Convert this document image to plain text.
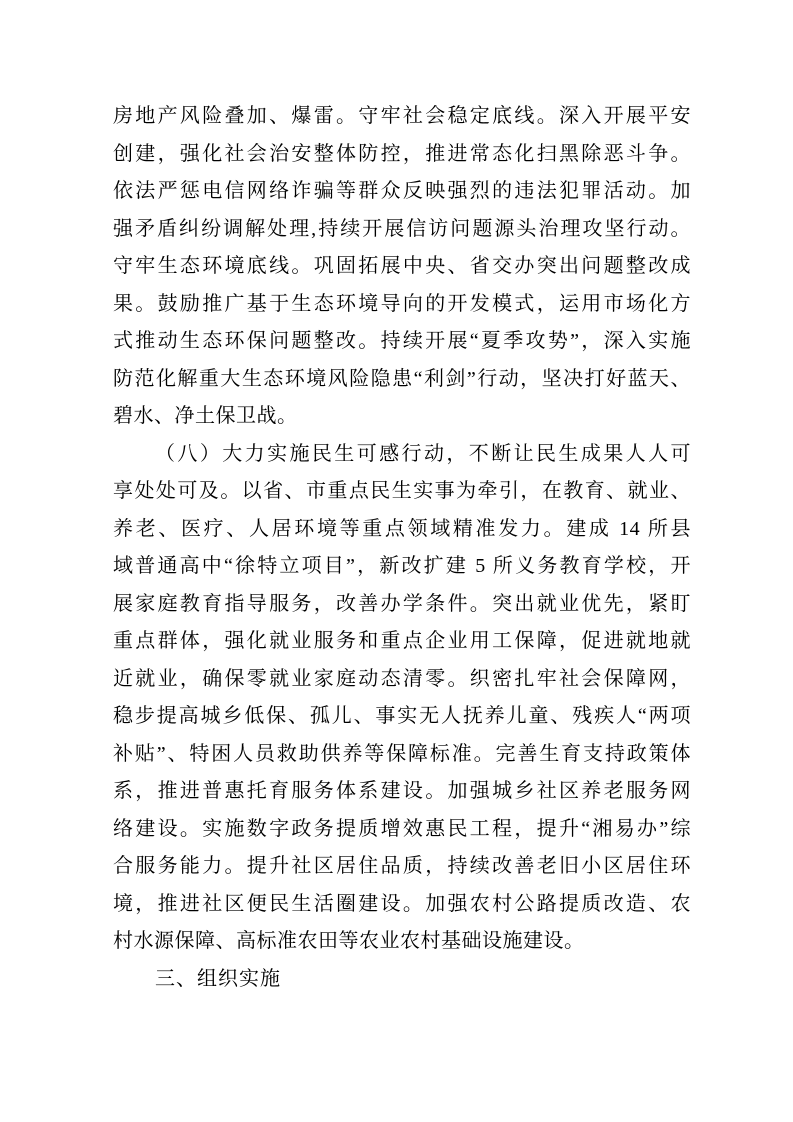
房地产风险叠加、爆雷。守牢社会稳定底线。深入开展平安
创建，强化社会治安整体防控，推进常态化扫黑除恶斗争。
依法严惩电信网络诈骗等群众反映强烈的违法犯罪活动。加
强矛盾纠纷调解处理,持续开展信访问题源头治理攻坚行动。
守牢生态环境底线。巩固拓展中央、省交办突出问题整改成
果。鼓励推广基于生态环境导向的开发模式，运用市场化方
式推动生态环保问题整改。持续开展“夏季攻势”，深入实施
防范化解重大生态环境风险隐患“利剑”行动，坚决打好蓝天、
碧水、净土保卫战。
（八）大力实施民生可感行动，不断让民生成果人人可
享处处可及。以省、市重点民生实事为牵引，在教育、就业、
养老、医疗、人居环境等重点领域精准发力。建成 14 所县
域普通高中“徐特立项目”，新改扩建 5 所义务教育学校，开
展家庭教育指导服务，改善办学条件。突出就业优先，紧盯
重点群体，强化就业服务和重点企业用工保障，促进就地就
近就业，确保零就业家庭动态清零。织密扎牢社会保障网，
稳步提高城乡低保、孤儿、事实无人抚养儿童、残疾人“两项
补贴”、特困人员救助供养等保障标准。完善生育支持政策体
系，推进普惠托育服务体系建设。加强城乡社区养老服务网
络建设。实施数字政务提质增效惠民工程，提升“湘易办”综
合服务能力。提升社区居住品质，持续改善老旧小区居住环
境，推进社区便民生活圈建设。加强农村公路提质改造、农
村水源保障、高标准农田等农业农村基础设施建设。
三、组织实施
